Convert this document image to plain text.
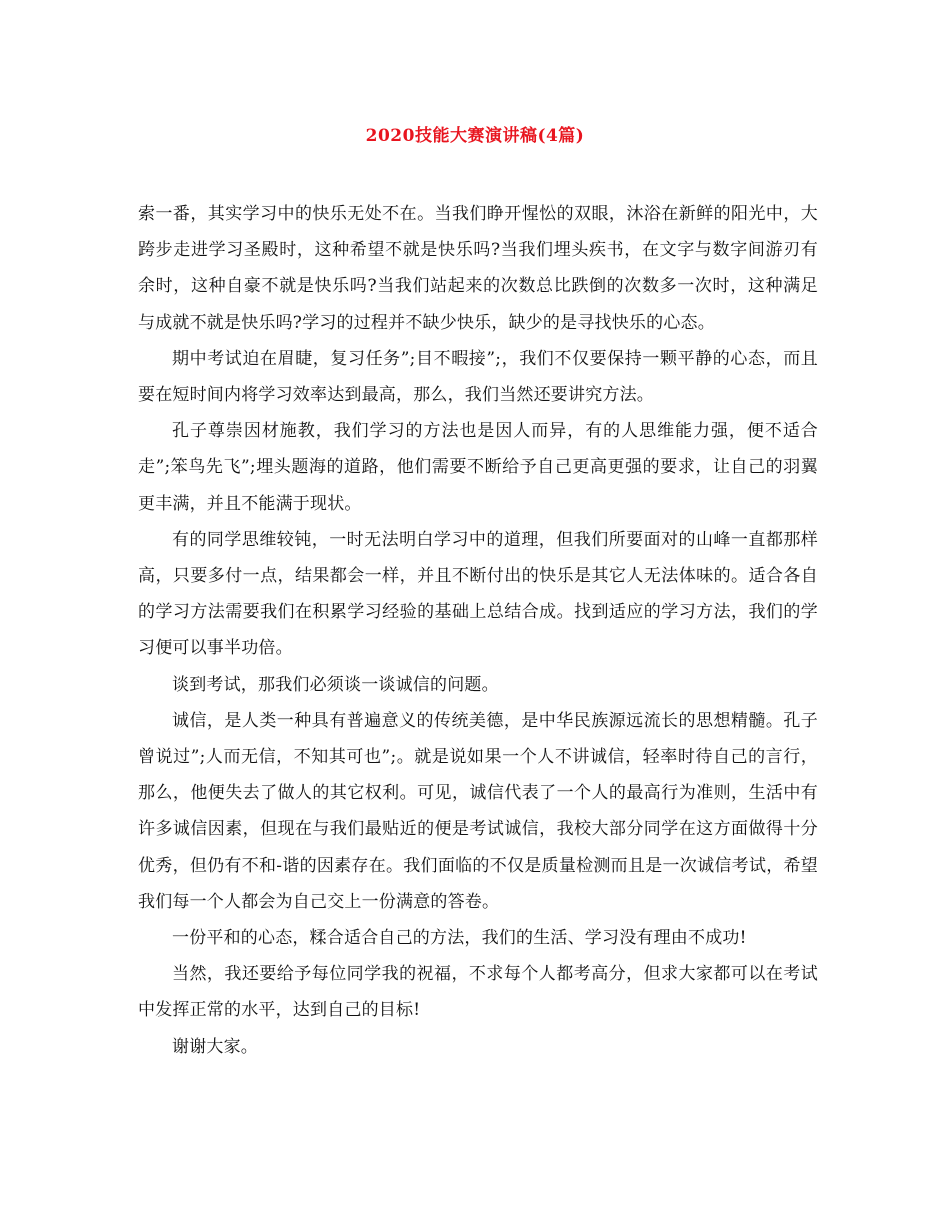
2020技能大赛演讲稿(4篇)

索一番，其实学习中的快乐无处不在。当我们睁开惺忪的双眼，沐浴在新鲜的阳光中，大跨步走进学习圣殿时，这种希望不就是快乐吗?当我们埋头疾书，在文字与数字间游刃有余时，这种自豪不就是快乐吗?当我们站起来的次数总比跌倒的次数多一次时，这种满足与成就不就是快乐吗?学习的过程并不缺少快乐，缺少的是寻找快乐的心态。

期中考试迫在眉睫，复习任务”;目不暇接”;，我们不仅要保持一颗平静的心态，而且要在短时间内将学习效率达到最高，那么，我们当然还要讲究方法。

孔子尊崇因材施教，我们学习的方法也是因人而异，有的人思维能力强，便不适合走”;笨鸟先飞”;埋头题海的道路，他们需要不断给予自己更高更强的要求，让自己的羽翼更丰满，并且不能满于现状。

有的同学思维较钝，一时无法明白学习中的道理，但我们所要面对的山峰一直都那样高，只要多付一点，结果都会一样，并且不断付出的快乐是其它人无法体味的。适合各自的学习方法需要我们在积累学习经验的基础上总结合成。找到适应的学习方法，我们的学习便可以事半功倍。

谈到考试，那我们必须谈一谈诚信的问题。

诚信，是人类一种具有普遍意义的传统美德，是中华民族源远流长的思想精髓。孔子曾说过”;人而无信，不知其可也”;。就是说如果一个人不讲诚信，轻率时待自己的言行，那么，他便失去了做人的其它权利。可见，诚信代表了一个人的最高行为准则，生活中有许多诚信因素，但现在与我们最贴近的便是考试诚信，我校大部分同学在这方面做得十分优秀，但仍有不和-谐的因素存在。我们面临的不仅是质量检测而且是一次诚信考试，希望我们每一个人都会为自己交上一份满意的答卷。

一份平和的心态，糅合适合自己的方法，我们的生活、学习没有理由不成功!

当然，我还要给予每位同学我的祝福，不求每个人都考高分，但求大家都可以在考试中发挥正常的水平，达到自己的目标!

谢谢大家。
